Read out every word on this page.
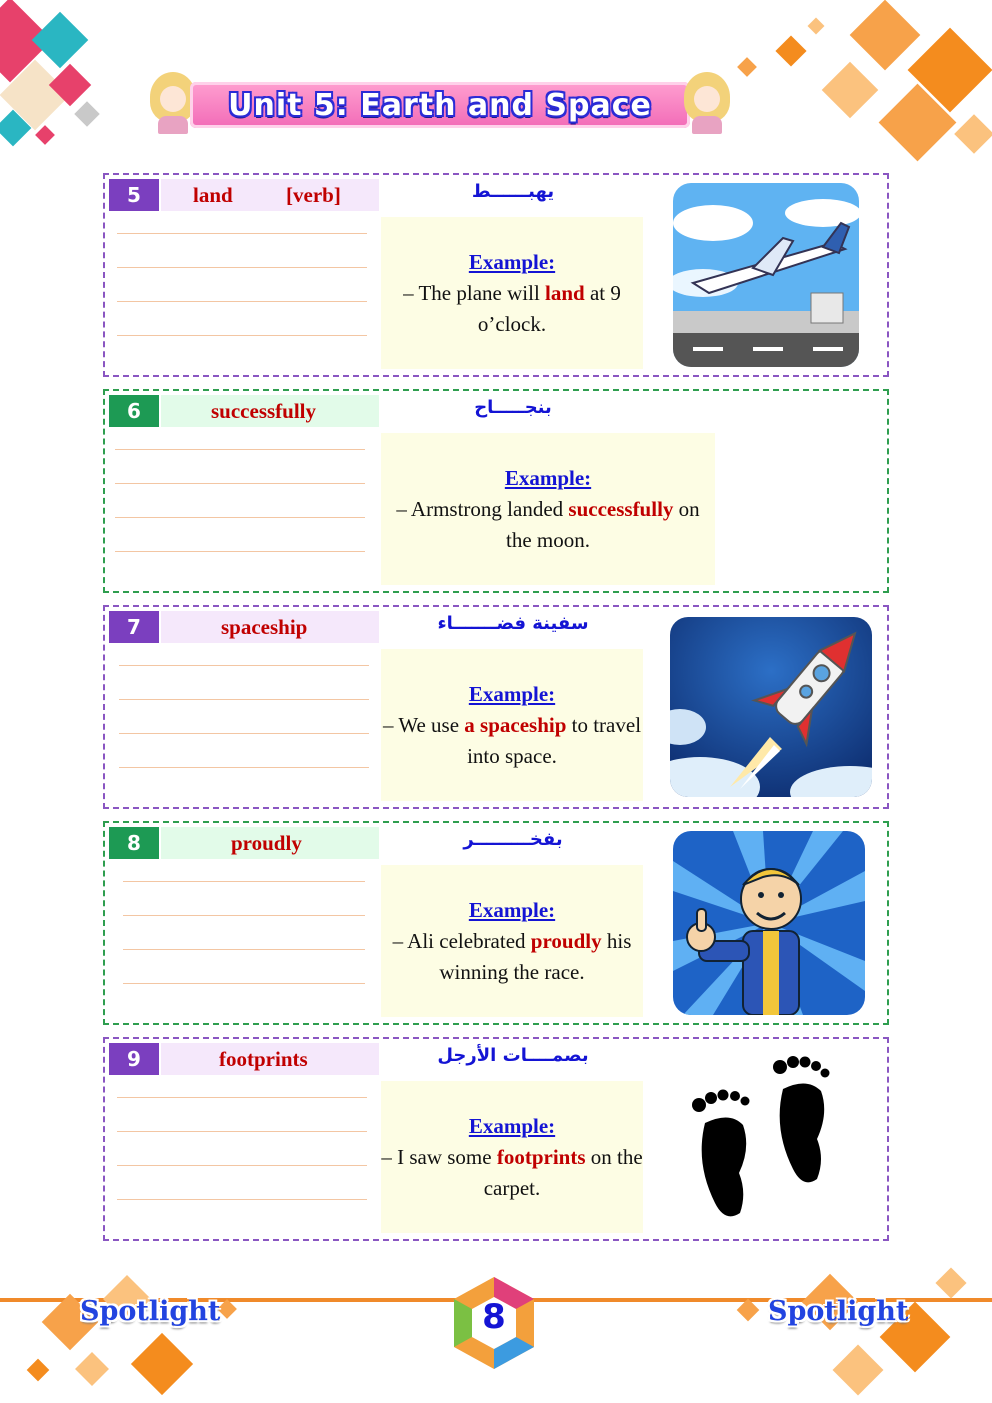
Unit 5: Earth and Space
5	land	[verb]	يهبــــــط
Example:
– The plane will land at 9 o’clock.
6	successfully	بنجـــــاح
Example:
– Armstrong landed successfully on the moon.
7	spaceship	سفينة فضـــــــاء
Example:
– We use a spaceship to travel into space.
8	proudly	بفخـــــــــر
Example:
– Ali celebrated proudly his winning the race.
9	footprints	بصمــــات الأرجل
Example:
– I saw some footprints on the carpet.
Spotlight	Spotlight
8
